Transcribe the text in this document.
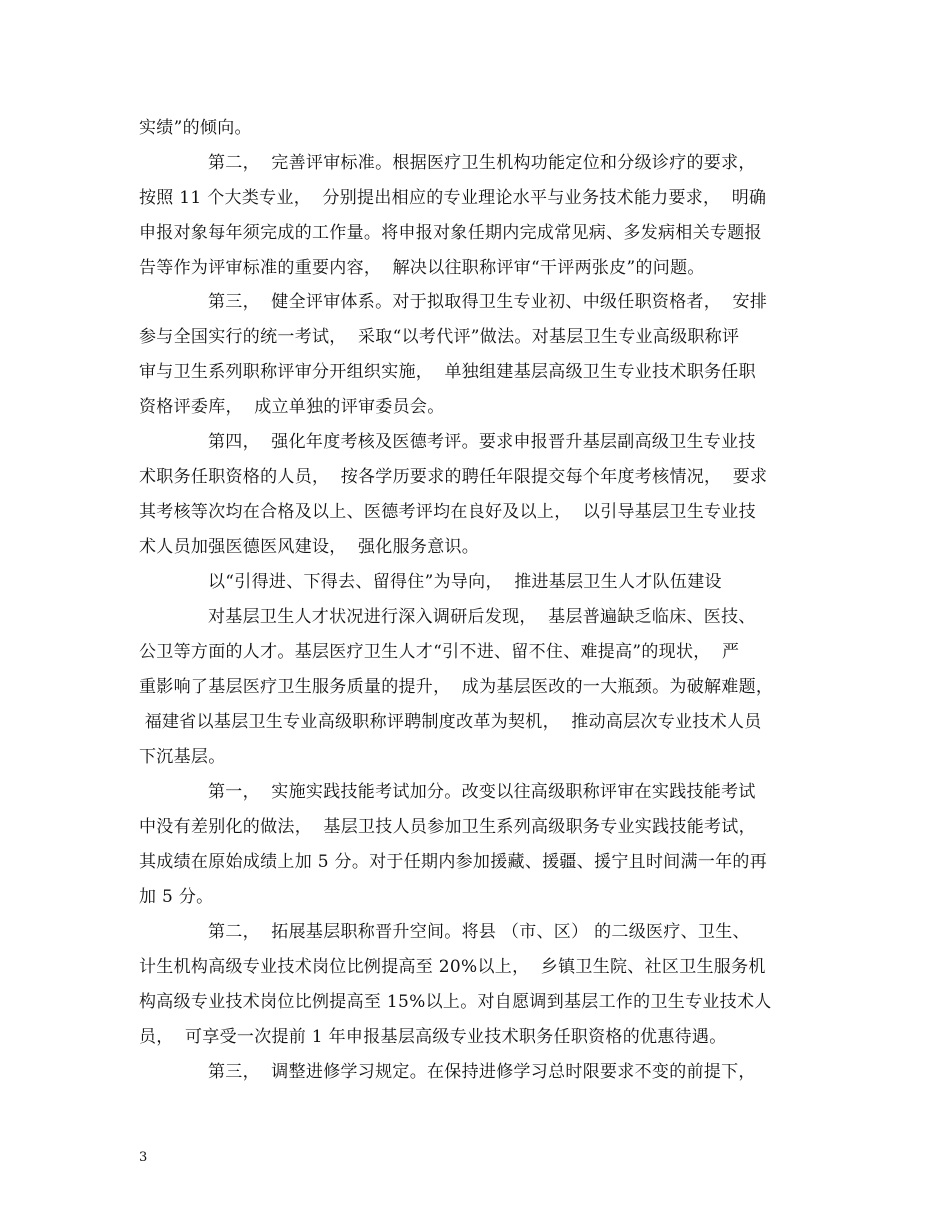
实绩”的倾向。
第二，  完善评审标准。根据医疗卫生机构功能定位和分级诊疗的要求，
按照 11 个大类专业，  分别提出相应的专业理论水平与业务技术能力要求，  明确
申报对象每年须完成的工作量。将申报对象任期内完成常见病、多发病相关专题报
告等作为评审标准的重要内容，  解决以往职称评审“干评两张皮”的问题。
第三，  健全评审体系。对于拟取得卫生专业初、中级任职资格者，  安排
参与全国实行的统一考试，  采取“以考代评”做法。对基层卫生专业高级职称评
审与卫生系列职称评审分开组织实施，  单独组建基层高级卫生专业技术职务任职
资格评委库，  成立单独的评审委员会。
第四，  强化年度考核及医德考评。要求申报晋升基层副高级卫生专业技
术职务任职资格的人员，  按各学历要求的聘任年限提交每个年度考核情况，  要求
其考核等次均在合格及以上、医德考评均在良好及以上，  以引导基层卫生专业技
术人员加强医德医风建设，  强化服务意识。
以“引得进、下得去、留得住”为导向，  推进基层卫生人才队伍建设
对基层卫生人才状况进行深入调研后发现，  基层普遍缺乏临床、医技、
公卫等方面的人才。基层医疗卫生人才“引不进、留不住、难提高”的现状，  严
重影响了基层医疗卫生服务质量的提升，  成为基层医改的一大瓶颈。为破解难题，
福建省以基层卫生专业高级职称评聘制度改革为契机，  推动高层次专业技术人员
下沉基层。
第一，  实施实践技能考试加分。改变以往高级职称评审在实践技能考试
中没有差别化的做法，  基层卫技人员参加卫生系列高级职务专业实践技能考试，
其成绩在原始成绩上加 5 分。对于任期内参加援藏、援疆、援宁且时间满一年的再
加 5 分。
第二，  拓展基层职称晋升空间。将县 （市、区） 的二级医疗、卫生、
计生机构高级专业技术岗位比例提高至 20%以上，  乡镇卫生院、社区卫生服务机
构高级专业技术岗位比例提高至 15%以上。对自愿调到基层工作的卫生专业技术人
员，  可享受一次提前 1 年申报基层高级专业技术职务任职资格的优惠待遇。
第三，  调整进修学习规定。在保持进修学习总时限要求不变的前提下，
3
